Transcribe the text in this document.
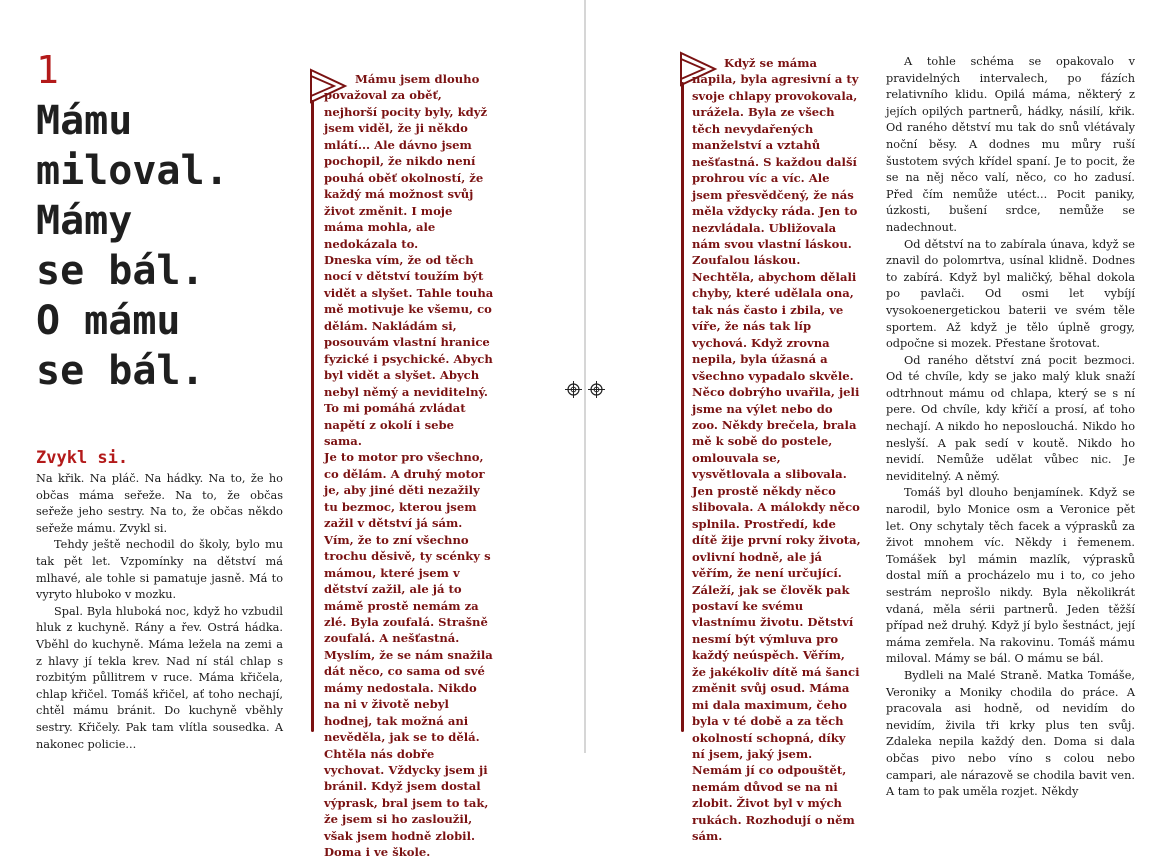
1
Mámu
miloval.
Mámy
se bál.
O mámu
se bál.
Zvykl si.

Na křik. Na pláč. Na hádky. Na to, že ho občas máma seřeže. Na to, že občas seřeže jeho sestry. Na to, že občas někdo seřeže mámu. Zvykl si.

Tehdy ještě nechodil do školy, bylo mu tak pět let. Vzpomínky na dětství má mlhavé, ale tohle si pamatuje jasně. Má to vyryto hluboko v mozku.

Spal. Byla hluboká noc, když ho vzbudil hluk z kuchyně. Rány a řev. Ostrá hádka. Vběhl do kuchyně. Máma ležela na zemi a z hlavy jí tekla krev. Nad ní stál chlap s rozbitým půllitrem v ruce. Máma křičela, chlap křičel. Tomáš křičel, ať toho nechají, chtěl mámu bránit. Do kuchyně vběhly sestry. Křičely. Pak tam vlítla sousedka. A nakonec policie...

Mámu jsem dlouho považoval za oběť, nejhorší pocity byly, když jsem viděl, že ji někdo mlátí... Ale dávno jsem pochopil, že nikdo není pouhá oběť okolností, že každý má možnost svůj život změnit. I moje máma mohla, ale nedokázala to.

Dneska vím, že od těch nocí v dětství toužím být vidět a slyšet. Tahle touha mě motivuje ke všemu, co dělám. Nakládám si, posouvám vlastní hranice fyzické i psychické. Abych byl vidět a slyšet. Abych nebyl němý a neviditelný. To mi pomáhá zvládat napětí z okolí i sebe sama.

Je to motor pro všechno, co dělám. A druhý motor je, aby jiné děti nezažily tu bezmoc, kterou jsem zažil v dětství já sám. Vím, že to zní všechno trochu děsivě, ty scénky s mámou, které jsem v dětství zažil, ale já to mámě prostě nemám za zlé. Byla zoufalá. Strašně zoufalá. A nešťastná. Myslím, že se nám snažila dát něco, co sama od své mámy nedostala. Nikdo na ni v životě nebyl hodnej, tak možná ani nevěděla, jak se to dělá. Chtěla nás dobře vychovat. Vždycky jsem ji bránil. Když jsem dostal výprask, bral jsem to tak, že jsem si ho zasloužil, však jsem hodně zlobil. Doma i ve škole.

Když se máma napila, byla agresivní a ty svoje chlapy provokovala, urážela. Byla ze všech těch nevydařených manželství a vztahů nešťastná. S každou další prohrou víc a víc. Ale jsem přesvědčený, že nás měla vždycky ráda. Jen to nezvládala. Ubližovala nám svou vlastní láskou. Zoufalou láskou.

Nechtěla, abychom dělali chyby, které udělala ona, tak nás často i zbila, ve víře, že nás tak líp vychová. Když zrovna nepila, byla úžasná a všechno vypadalo skvěle. Něco dobrýho uvařila, jeli jsme na výlet nebo do zoo. Někdy brečela, brala mě k sobě do postele, omlouvala se, vysvětlovala a slibovala. Jen prostě někdy něco slibovala. A málokdy něco splnila. Prostředí, kde dítě žije první roky života, ovlivní hodně, ale já věřím, že není určující. Záleží, jak se člověk pak postaví ke svému vlastnímu životu. Dětství nesmí být výmluva pro každý neúspěch. Věřím, že jakékoliv dítě má šanci změnit svůj osud. Máma mi dala maximum, čeho byla v té době a za těch okolností schopná, díky ní jsem, jaký jsem. Nemám jí co odpouštět, nemám důvod se na ni zlobit. Život byl v mých rukách. Rozhodují o něm sám.

A tohle schéma se opakovalo v pravidelných intervalech, po fázích relativního klidu. Opilá máma, některý z jejích opilých partnerů, hádky, násilí, křik. Od raného dětství mu tak do snů vlétávaly noční běsy. A dodnes mu můry ruší šustotem svých křídel spaní. Je to pocit, že se na něj něco valí, něco, co ho zadusí. Před čím nemůže utéct... Pocit paniky, úzkosti, bušení srdce, nemůže se nadechnout.

Od dětství na to zabírala únava, když se znavil do polomrtva, usínal klidně. Dodnes to zabírá. Když byl maličký, běhal dokola po pavlači. Od osmi let vybíjí vysokoenergetickou baterii ve svém těle sportem. Až když je tělo úplně grogy, odpočne si mozek. Přestane šrotovat.

Od raného dětství zná pocit bezmoci. Od té chvíle, kdy se jako malý kluk snaží odtrhnout mámu od chlapa, který se s ní pere. Od chvíle, kdy křičí a prosí, ať toho nechají. A nikdo ho neposlouchá. Nikdo ho neslyší. A pak sedí v koutě. Nikdo ho nevidí. Nemůže udělat vůbec nic. Je neviditelný. A němý.

Tomáš byl dlouho benjamínek. Když se narodil, bylo Monice osm a Veronice pět let. Ony schytaly těch facek a výprasků za život mnohem víc. Někdy i řemenem. Tomášek byl mámin mazlík, výprasků dostal míň a procházelo mu i to, co jeho sestrám neprošlo nikdy. Byla několikrát vdaná, měla sérii partnerů. Jeden těžší případ než druhý. Když jí bylo šestnáct, její máma zemřela. Na rakovinu. Tomáš mámu miloval. Mámy se bál. O mámu se bál.

Bydleli na Malé Straně. Matka Tomáše, Veroniky a Moniky chodila do práce. A pracovala asi hodně, od nevidím do nevidím, živila tři krky plus ten svůj. Zdaleka nepila každý den. Doma si dala občas pivo nebo víno s colou nebo campari, ale nárazově se chodila bavit ven. A tam to pak uměla rozjet. Někdy
